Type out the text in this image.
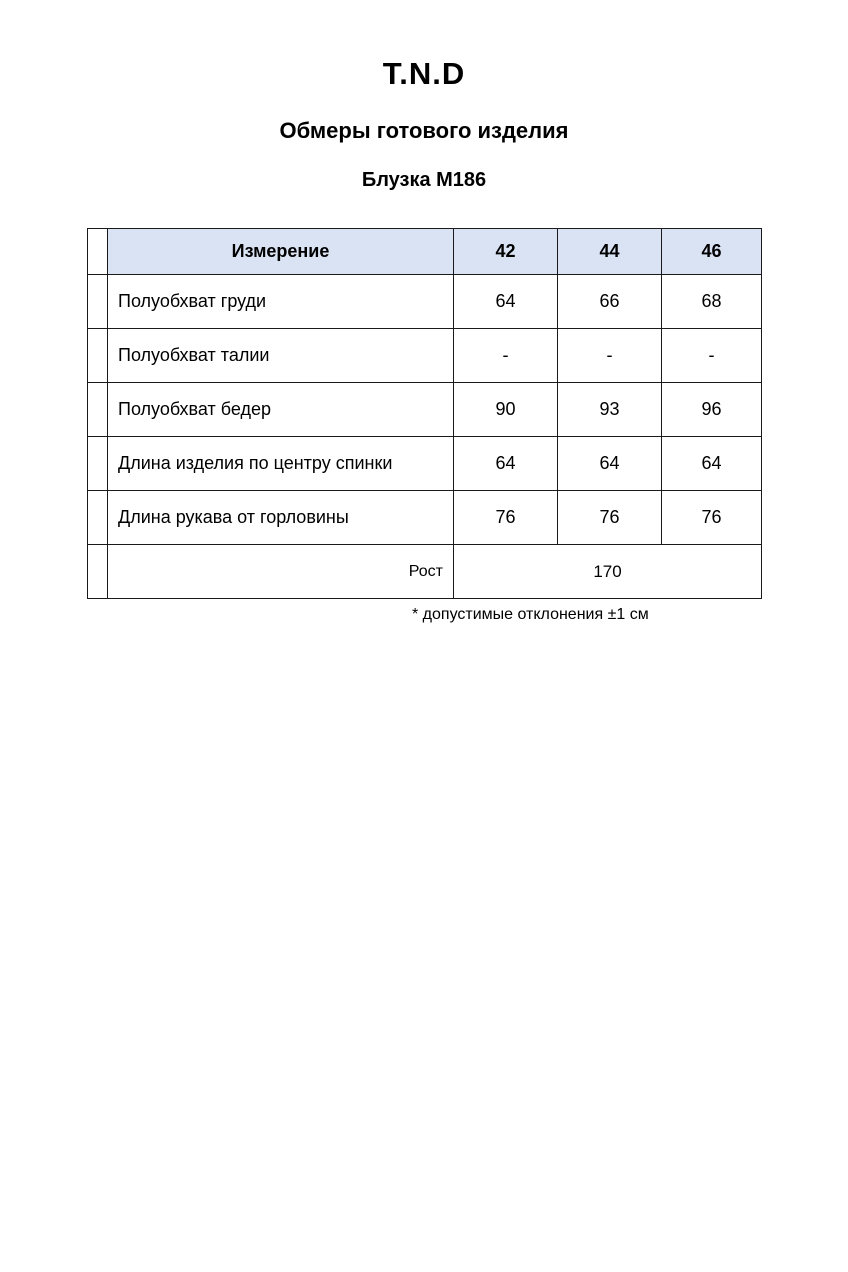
T.N.D
Обмеры готового изделия
Блузка М186
	Измерение	42	44	46
	Полуобхват груди	64	66	68
	Полуобхват талии	-	-	-
	Полуобхват бедер	90	93	96
	Длина изделия по центру спинки	64	64	64
	Длина рукава от горловины	76	76	76
	Рост	170		
* допустимые отклонения ±1 см
